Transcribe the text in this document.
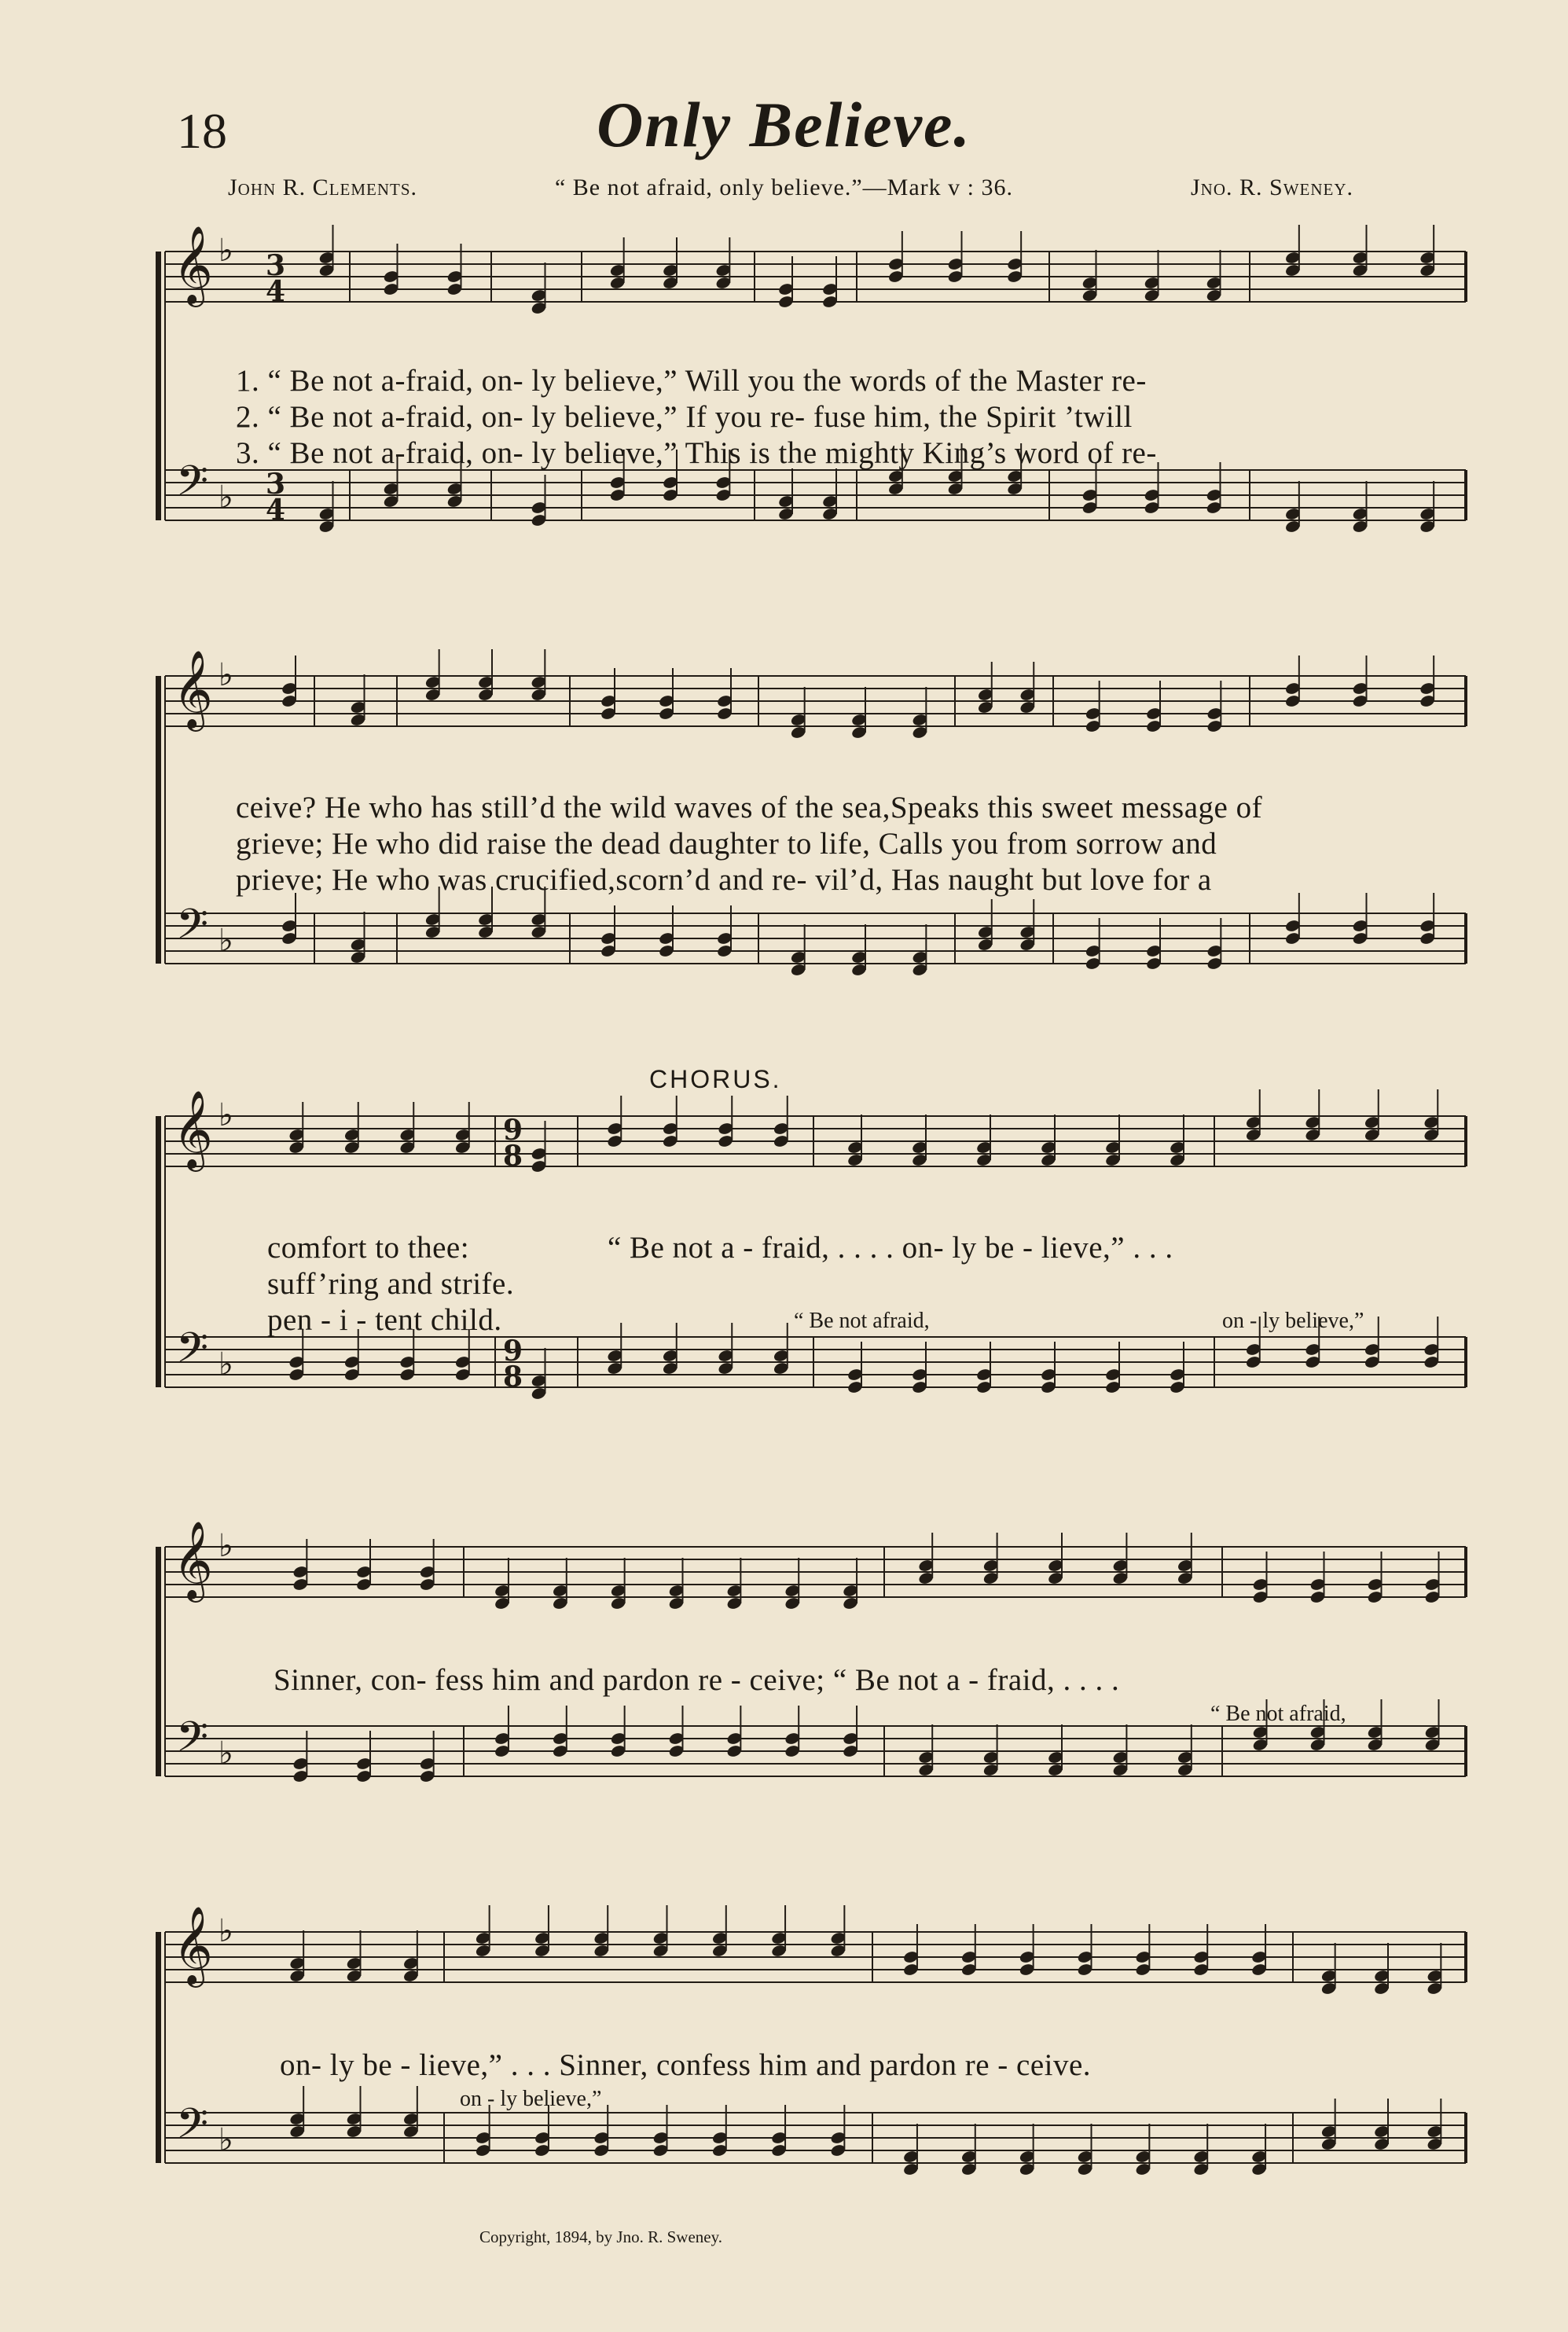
18	Only Believe.
John R. Clements.	“ Be not afraid, only believe.”—Mark v : 36.	Jno. R. Sweney.
𝄞 ♭
𝄢 ♭
3
4
3
4
𝄞 ♭
𝄢 ♭
𝄞 ♭
𝄢 ♭
9
8
9
8
𝄞 ♭
𝄢 ♭
𝄞 ♭
𝄢 ♭
1. “ Be not a-fraid, on- ly believe,” Will you the words of the Master re-
2. “ Be not a-fraid, on- ly believe,” If you re- fuse him, the Spirit ’twill
3. “ Be not a-fraid, on- ly believe,” This is the mighty King’s word of re-
ceive? He who has still’d the wild waves of the sea,Speaks this sweet message of
grieve; He who did raise the dead daughter to life, Calls you from sorrow and
prieve; He who was crucified,scorn’d and re- vil’d, Has naught but love for a
CHORUS.
comfort to thee:
suff’ring and strife.
pen - i - tent child.
“ Be not a - fraid, . . . . on- ly be - lieve,” . . .
“ Be not afraid,	on - ly believe,”
Sinner, con- fess him and pardon re - ceive; “ Be not a - fraid, . . . .
“ Be not afraid,
on- ly be - lieve,” . . . Sinner, confess him and pardon re - ceive.
on - ly believe,”
Copyright, 1894, by Jno. R. Sweney.
